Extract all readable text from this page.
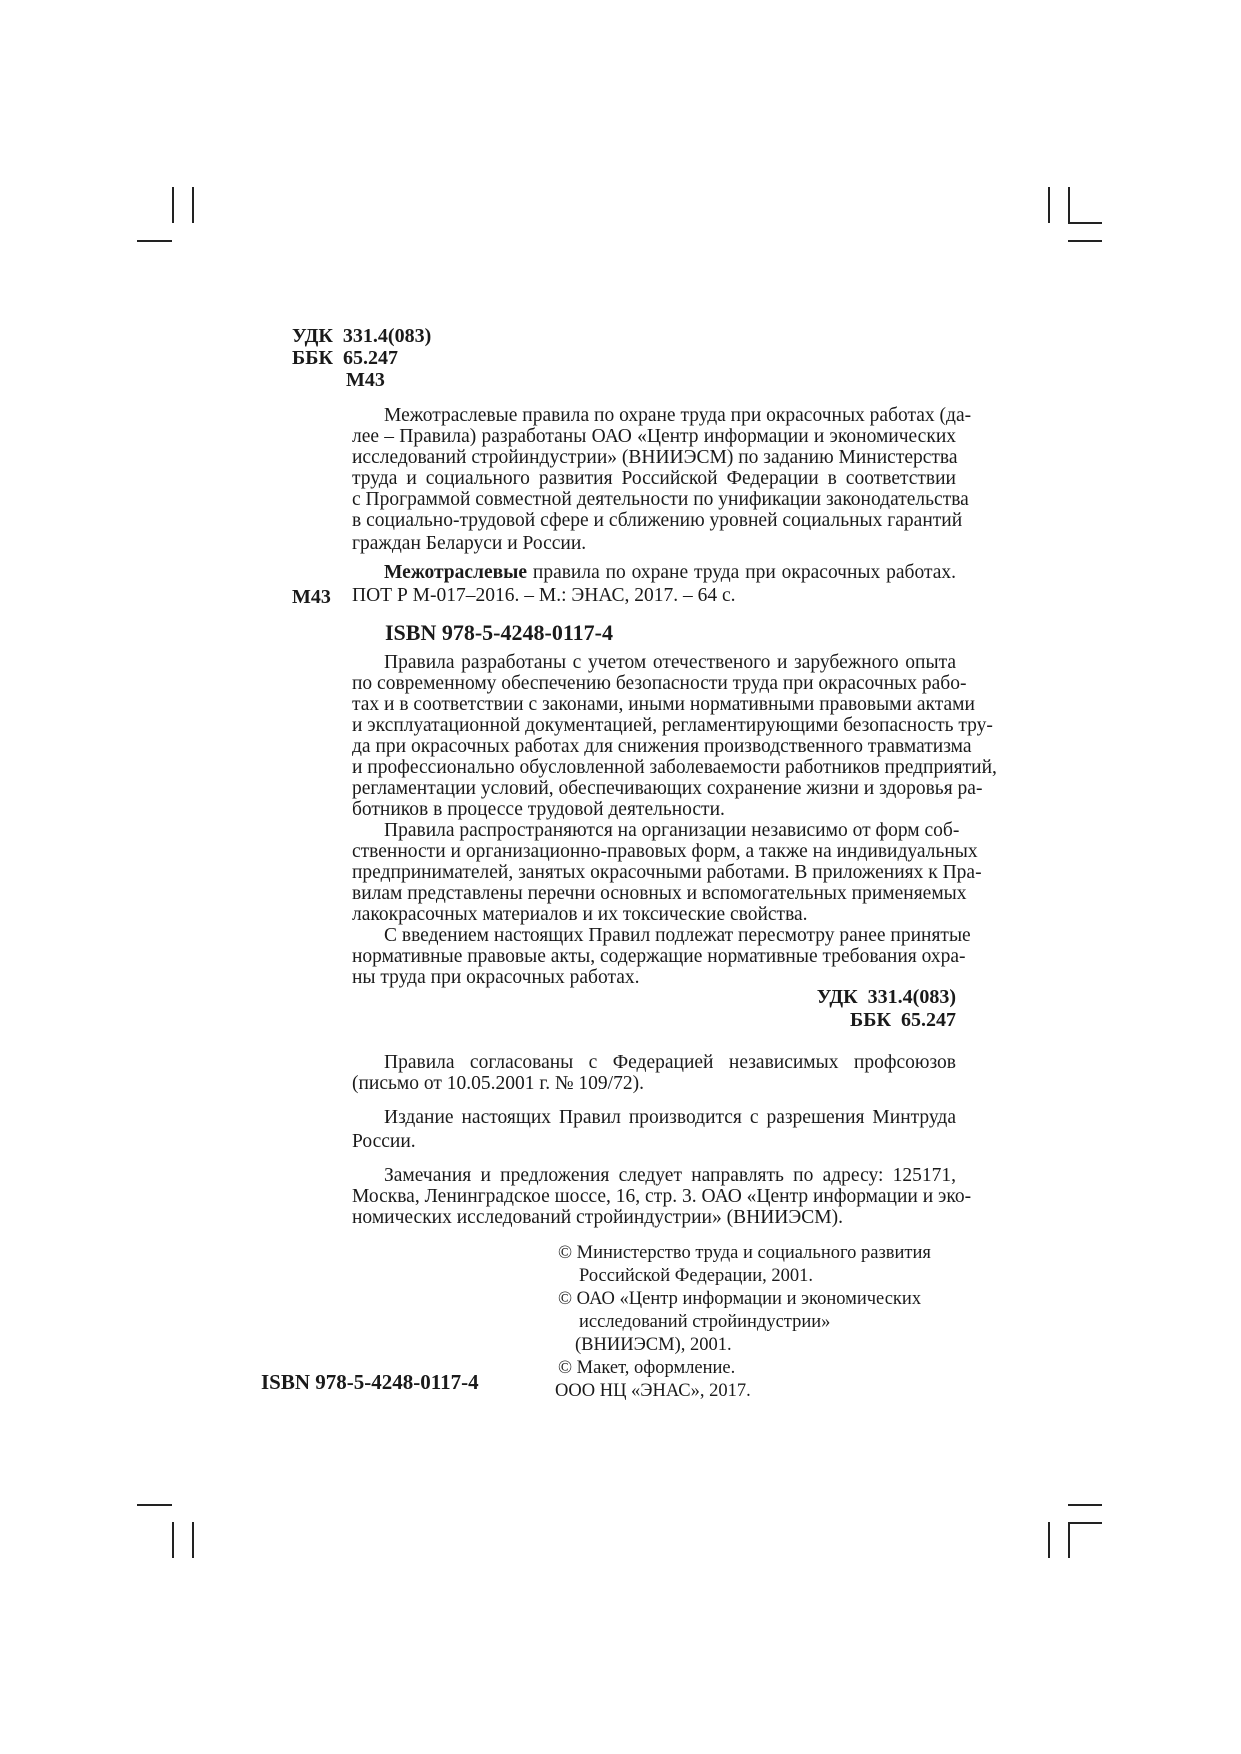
УДК  331.4(083)
ББК  65.247
М43
Межотраслевые правила по охране труда при окрасочных работах (да-
лее – Правила) разработаны ОАО «Центр информации и экономических
исследований стройиндустрии» (ВНИИЭСМ) по заданию Министерства
труда и социального развития Российской Федерации в соответствии
с Программой совместной деятельности по унификации законодательства
в социально-трудовой сфере и сближению уровней социальных гарантий
граждан Беларуси и России.
Межотраслевые правила по охране труда при окрасочных работах.
ПОТ Р М-017–2016. – М.: ЭНАС, 2017. – 64 с.
М43
ISBN 978-5-4248-0117-4
Правила разработаны с учетом отечественого и зарубежного опыта
по современному обеспечению безопасности труда при окрасочных рабо-
тах и в соответствии с законами, иными нормативными правовыми актами
и эксплуатационной документацией, регламентирующими безопасность тру-
да при окрасочных работах для снижения производственного травматизма
и профессионально обусловленной заболеваемости работников предприятий,
регламентации условий, обеспечивающих сохранение жизни и здоровья ра-
ботников в процессе трудовой деятельности.
Правила распространяются на организации независимо от форм соб-
ственности и организационно-правовых форм, а также на индивидуальных
предпринимателей, занятых окрасочными работами. В приложениях к Пра-
вилам представлены перечни основных и вспомогательных применяемых
лакокрасочных материалов и их токсические свойства.
С введением настоящих Правил подлежат пересмотру ранее принятые
нормативные правовые акты, содержащие нормативные требования охра-
ны труда при окрасочных работах.
УДК  331.4(083)
ББК  65.247
Правила согласованы с Федерацией независимых профсоюзов
(письмо от 10.05.2001 г. № 109/72).
Издание настоящих Правил производится с разрешения Минтруда
России.
Замечания и предложения следует направлять по адресу: 125171,
Москва, Ленинградское шоссе, 16, стр. 3. ОАО «Центр информации и эко-
номических исследований стройиндустрии» (ВНИИЭСМ).
© Министерство труда и социального развития
Российской Федерации, 2001.
© ОАО «Центр информации и экономических
исследований стройиндустрии»
(ВНИИЭСМ), 2001.
© Макет, оформление.
ООО НЦ «ЭНАС», 2017.
ISBN 978-5-4248-0117-4
